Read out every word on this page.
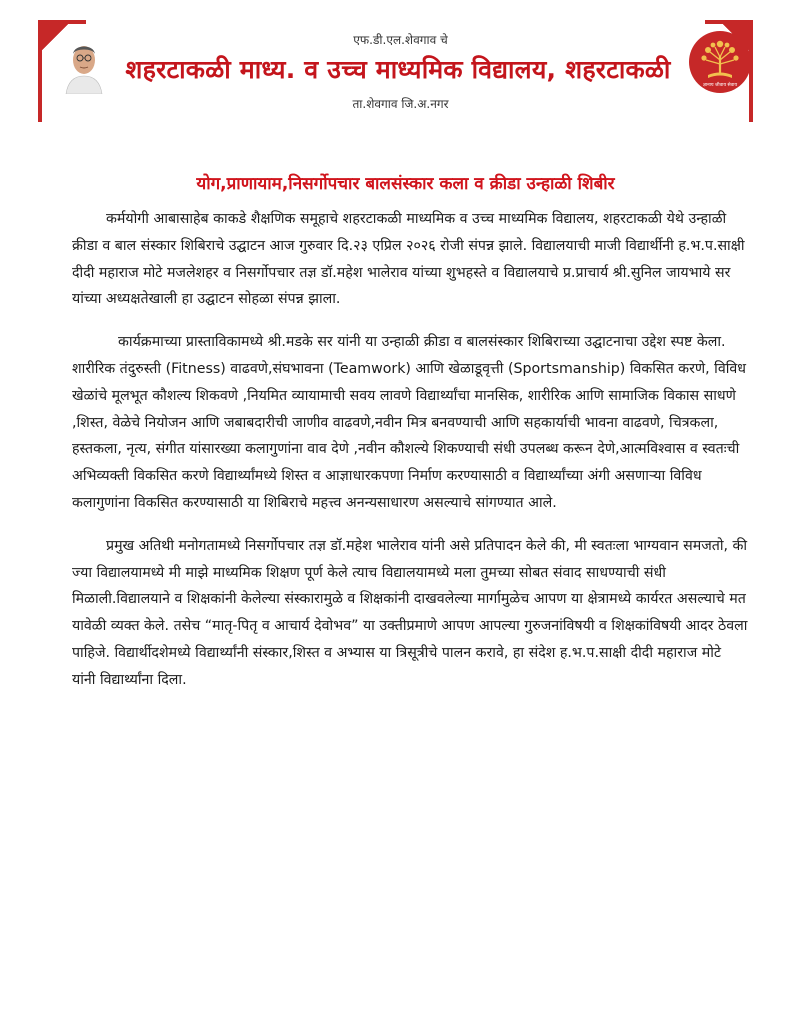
एफ.डी.एल.शेवगाव चे
शहरटाकळी माध्य. व उच्च माध्यमिक विद्यालय, शहरटाकळी
ता.शेवगाव जि.अ.नगर
ज्ञानाय जीवाय सेवाय
योग,प्राणायाम,निसर्गोपचार बालसंस्कार कला व क्रीडा उन्हाळी शिबीर

कर्मयोगी आबासाहेब काकडे शैक्षणिक समूहाचे शहरटाकळी माध्यमिक व उच्च माध्यमिक विद्यालय, शहरटाकळी येथे उन्हाळी क्रीडा व बाल संस्कार शिबिराचे उद्घाटन आज गुरुवार दि.२३ एप्रिल २०२६ रोजी संपन्न झाले. विद्यालयाची माजी विद्यार्थीनी ह.भ.प.साक्षी दीदी महाराज मोटे मजलेशहर व निसर्गोपचार तज्ञ डॉ.महेश भालेराव यांच्या शुभहस्ते व विद्यालयाचे प्र.प्राचार्य श्री.सुनिल जायभाये सर यांच्या अध्यक्षतेखाली हा उद्घाटन सोहळा संपन्न झाला.

कार्यक्रमाच्या प्रास्ताविकामध्ये श्री.मडके सर यांनी या उन्हाळी क्रीडा व बालसंस्कार शिबिराच्या उद्घाटनाचा उद्देश स्पष्ट केला. शारीरिक तंदुरुस्ती (Fitness) वाढवणे,संघभावना (Teamwork) आणि खेळाडूवृत्ती (Sportsmanship) विकसित करणे, विविध खेळांचे मूलभूत कौशल्य शिकवणे ,नियमित व्यायामाची सवय लावणे विद्यार्थ्यांचा मानसिक, शारीरिक आणि सामाजिक विकास साधणे ,शिस्त, वेळेचे नियोजन आणि जबाबदारीची जाणीव वाढवणे,नवीन मित्र बनवण्याची आणि सहकार्याची भावना वाढवणे, चित्रकला, हस्तकला, नृत्य, संगीत यांसारख्या कलागुणांना वाव देणे ,नवीन कौशल्ये शिकण्याची संधी उपलब्ध करून देणे,आत्मविश्वास व स्वतःची अभिव्यक्ती विकसित करणे विद्यार्थ्यांमध्ये शिस्त व आज्ञाधारकपणा निर्माण करण्यासाठी व विद्यार्थ्यांच्या अंगी असणाऱ्या विविध कलागुणांना विकसित करण्यासाठी या शिबिराचे महत्त्व अनन्यसाधारण असल्याचे सांगण्यात आले.

प्रमुख अतिथी मनोगतामध्ये निसर्गोपचार तज्ञ डॉ.महेश भालेराव यांनी असे प्रतिपादन केले की, मी स्वतःला भाग्यवान समजतो, की ज्या विद्यालयामध्ये मी माझे माध्यमिक शिक्षण पूर्ण केले त्याच विद्यालयामध्ये मला तुमच्या सोबत संवाद साधण्याची संधी मिळाली.विद्यालयाने व शिक्षकांनी केलेल्या संस्कारामुळे व शिक्षकांनी दाखवलेल्या मार्गामुळेच आपण या क्षेत्रामध्ये कार्यरत असल्याचे मत यावेळी व्यक्त केले. तसेच “मातृ-पितृ व आचार्य देवोभव” या उक्तीप्रमाणे आपण आपल्या गुरुजनांविषयी व शिक्षकांविषयी आदर ठेवला पाहिजे. विद्यार्थीदशेमध्ये विद्यार्थ्यांनी संस्कार,शिस्त व अभ्यास या त्रिसूत्रीचे पालन करावे, हा संदेश ह.भ.प.साक्षी दीदी महाराज मोटे यांनी विद्यार्थ्यांना दिला.
